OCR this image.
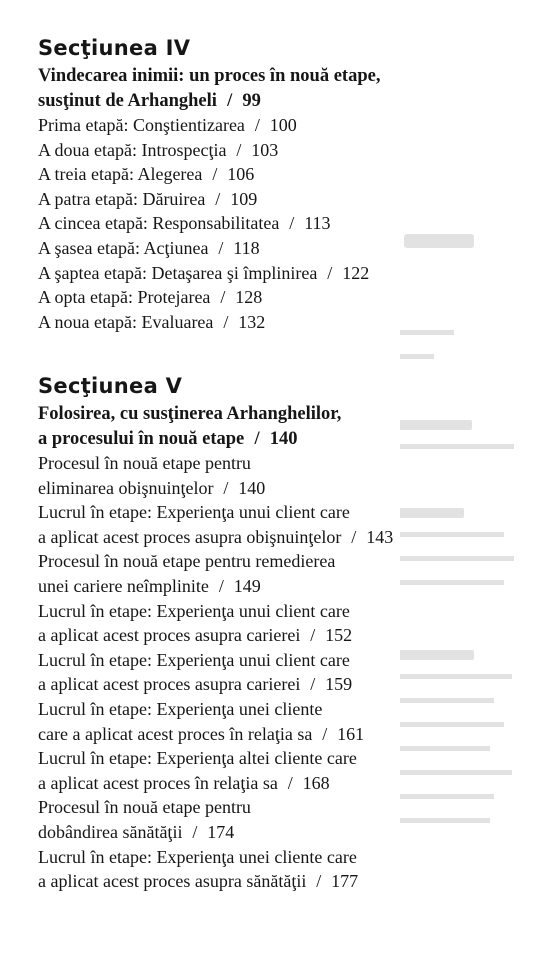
Secţiunea IV
Vindecarea inimii: un proces în nouă etape,
susţinut de Arhangheli / 99
Prima etapă: Conştientizarea / 100
A doua etapă: Introspecţia / 103
A treia etapă: Alegerea / 106
A patra etapă: Dăruirea / 109
A cincea etapă: Responsabilitatea / 113
A şasea etapă: Acţiunea / 118
A şaptea etapă: Detaşarea şi împlinirea / 122
A opta etapă: Protejarea / 128
A noua etapă: Evaluarea / 132
Secţiunea V
Folosirea, cu susţinerea Arhanghelilor,
a procesului în nouă etape / 140
Procesul în nouă etape pentru
eliminarea obişnuinţelor / 140
Lucrul în etape: Experienţa unui client care
a aplicat acest proces asupra obişnuinţelor / 143
Procesul în nouă etape pentru remedierea
unei cariere neîmplinite / 149
Lucrul în etape: Experienţa unui client care
a aplicat acest proces asupra carierei / 152
Lucrul în etape: Experienţa unui client care
a aplicat acest proces asupra carierei / 159
Lucrul în etape: Experienţa unei cliente
care a aplicat acest proces în relaţia sa / 161
Lucrul în etape: Experienţa altei cliente care
a aplicat acest proces în relaţia sa / 168
Procesul în nouă etape pentru
dobândirea sănătăţii / 174
Lucrul în etape: Experienţa unei cliente care
a aplicat acest proces asupra sănătăţii / 177
